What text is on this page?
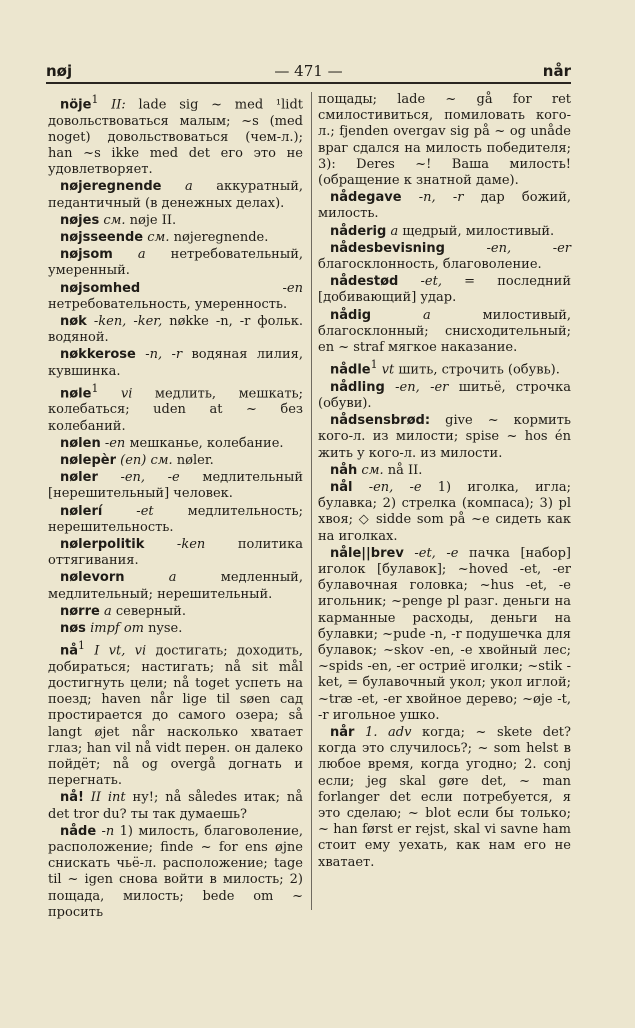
nøj	— 471 —	når

nöje$^1$ II: lade sig ~ med ¹lidt довольствоваться малым; ~s (med noget) довольствоваться (чем-л.); han ~s ikke med det его это не удовлетворяет.

nøjeregnende a аккуратный, педантичный (в денежных делах).

nøjes см. nøje II.

nøjsseende см. nøjeregnende.

nøjsom a нетребовательный, умеренный.

nøjsomhed -en нетребовательность, умеренность.

nøk -ken, -ker, nøkke -n, -r фольк. водяной.

nøkkerose -n, -r водяная лилия, кувшинка.

nøle$^1$ vi медлить, мешкать; колебаться; uden at ~ без колебаний.

nølen -en мешканье, колебание.

nølepèr (en) см. nøler.

nøler -en, -e медлительный [нерешительный] человек.

nølerí -et медлительность; нерешительность.

nølerpolitik -ken политика оттягивания.

nølevorn a медленный, медлительный; нерешительный.

nørre a северный.

nøs impf om nyse.

$nå^1$ I vt, vi достигать; доходить, добираться; настигать; nå sit mål достигнуть цели; nå toget успеть на поезд; haven når lige til søen сад простирается до самого озера; så langt øjet når насколько хватает глаз; han vil nå vidt перен. он далеко пойдёт; nå og overgå догнать и перегнать.

nå! II int ну!; nå således итак; nå det tror du? ты так думаешь?

nåde -n 1) милость, благоволение, расположение; finde ~ for ens øjne снискать чьё-л. расположение; tage til ~ igen снова войти в милость; 2) пощада, милость; bede om ~ просить

пощады; lade ~ gå for ret смилостивиться, помиловать кого-л.; fjenden overgav sig på ~ og unåde враг сдался на милость победителя; 3): Deres ~! Ваша милость! (обращение к знатной даме).

nådegave -n, -r дар божий, милость.

nåderig a щедрый, милостивый.

nådesbevisning -en, -er благосклонность, благоволение.

nådestød -et, = последний [добивающий] удар.

nådig a милостивый, благосклонный; снисходительный; en ~ straf мягкое наказание.

nådle$^1$ vt шить, строчить (обувь).

nådling -en, -er шитьё, строчка (обуви).

nådsensbrød: give ~ кормить кого-л. из милости; spise ~ hos én жить у кого-л. из милости.

nåh см. nå II.

nål -en, -e 1) иголка, игла; булавка; 2) стрелка (компаса); 3) pl хвоя; ◇ sidde som på ~e сидеть как на иголках.

nåle||brev -et, -e пачка [набор] иголок [булавок]; ~hoved -et, -er булавочная головка; ~hus -et, -e игольник; ~penge pl разг. деньги на карманные расходы, деньги на булавки; ~pude -n, -r подушечка для булавок; ~skov -en, -e хвойный лес; ~spids -en, -er остриё иголки; ~stik -ket, = булавочный укол; укол иглой; ~træ -et, -er хвойное дерево; ~øje -t, -r игольное ушко.

når 1. adv когда; ~ skete det? когда это случилось?; ~ som helst в любое время, когда угодно; 2. conj если; jeg skal gøre det, ~ man forlanger det если потребуется, я это сделаю; ~ blot если бы только; ~ han først er rejst, skal vi savne ham стоит ему уехать, как нам его не хватает.
